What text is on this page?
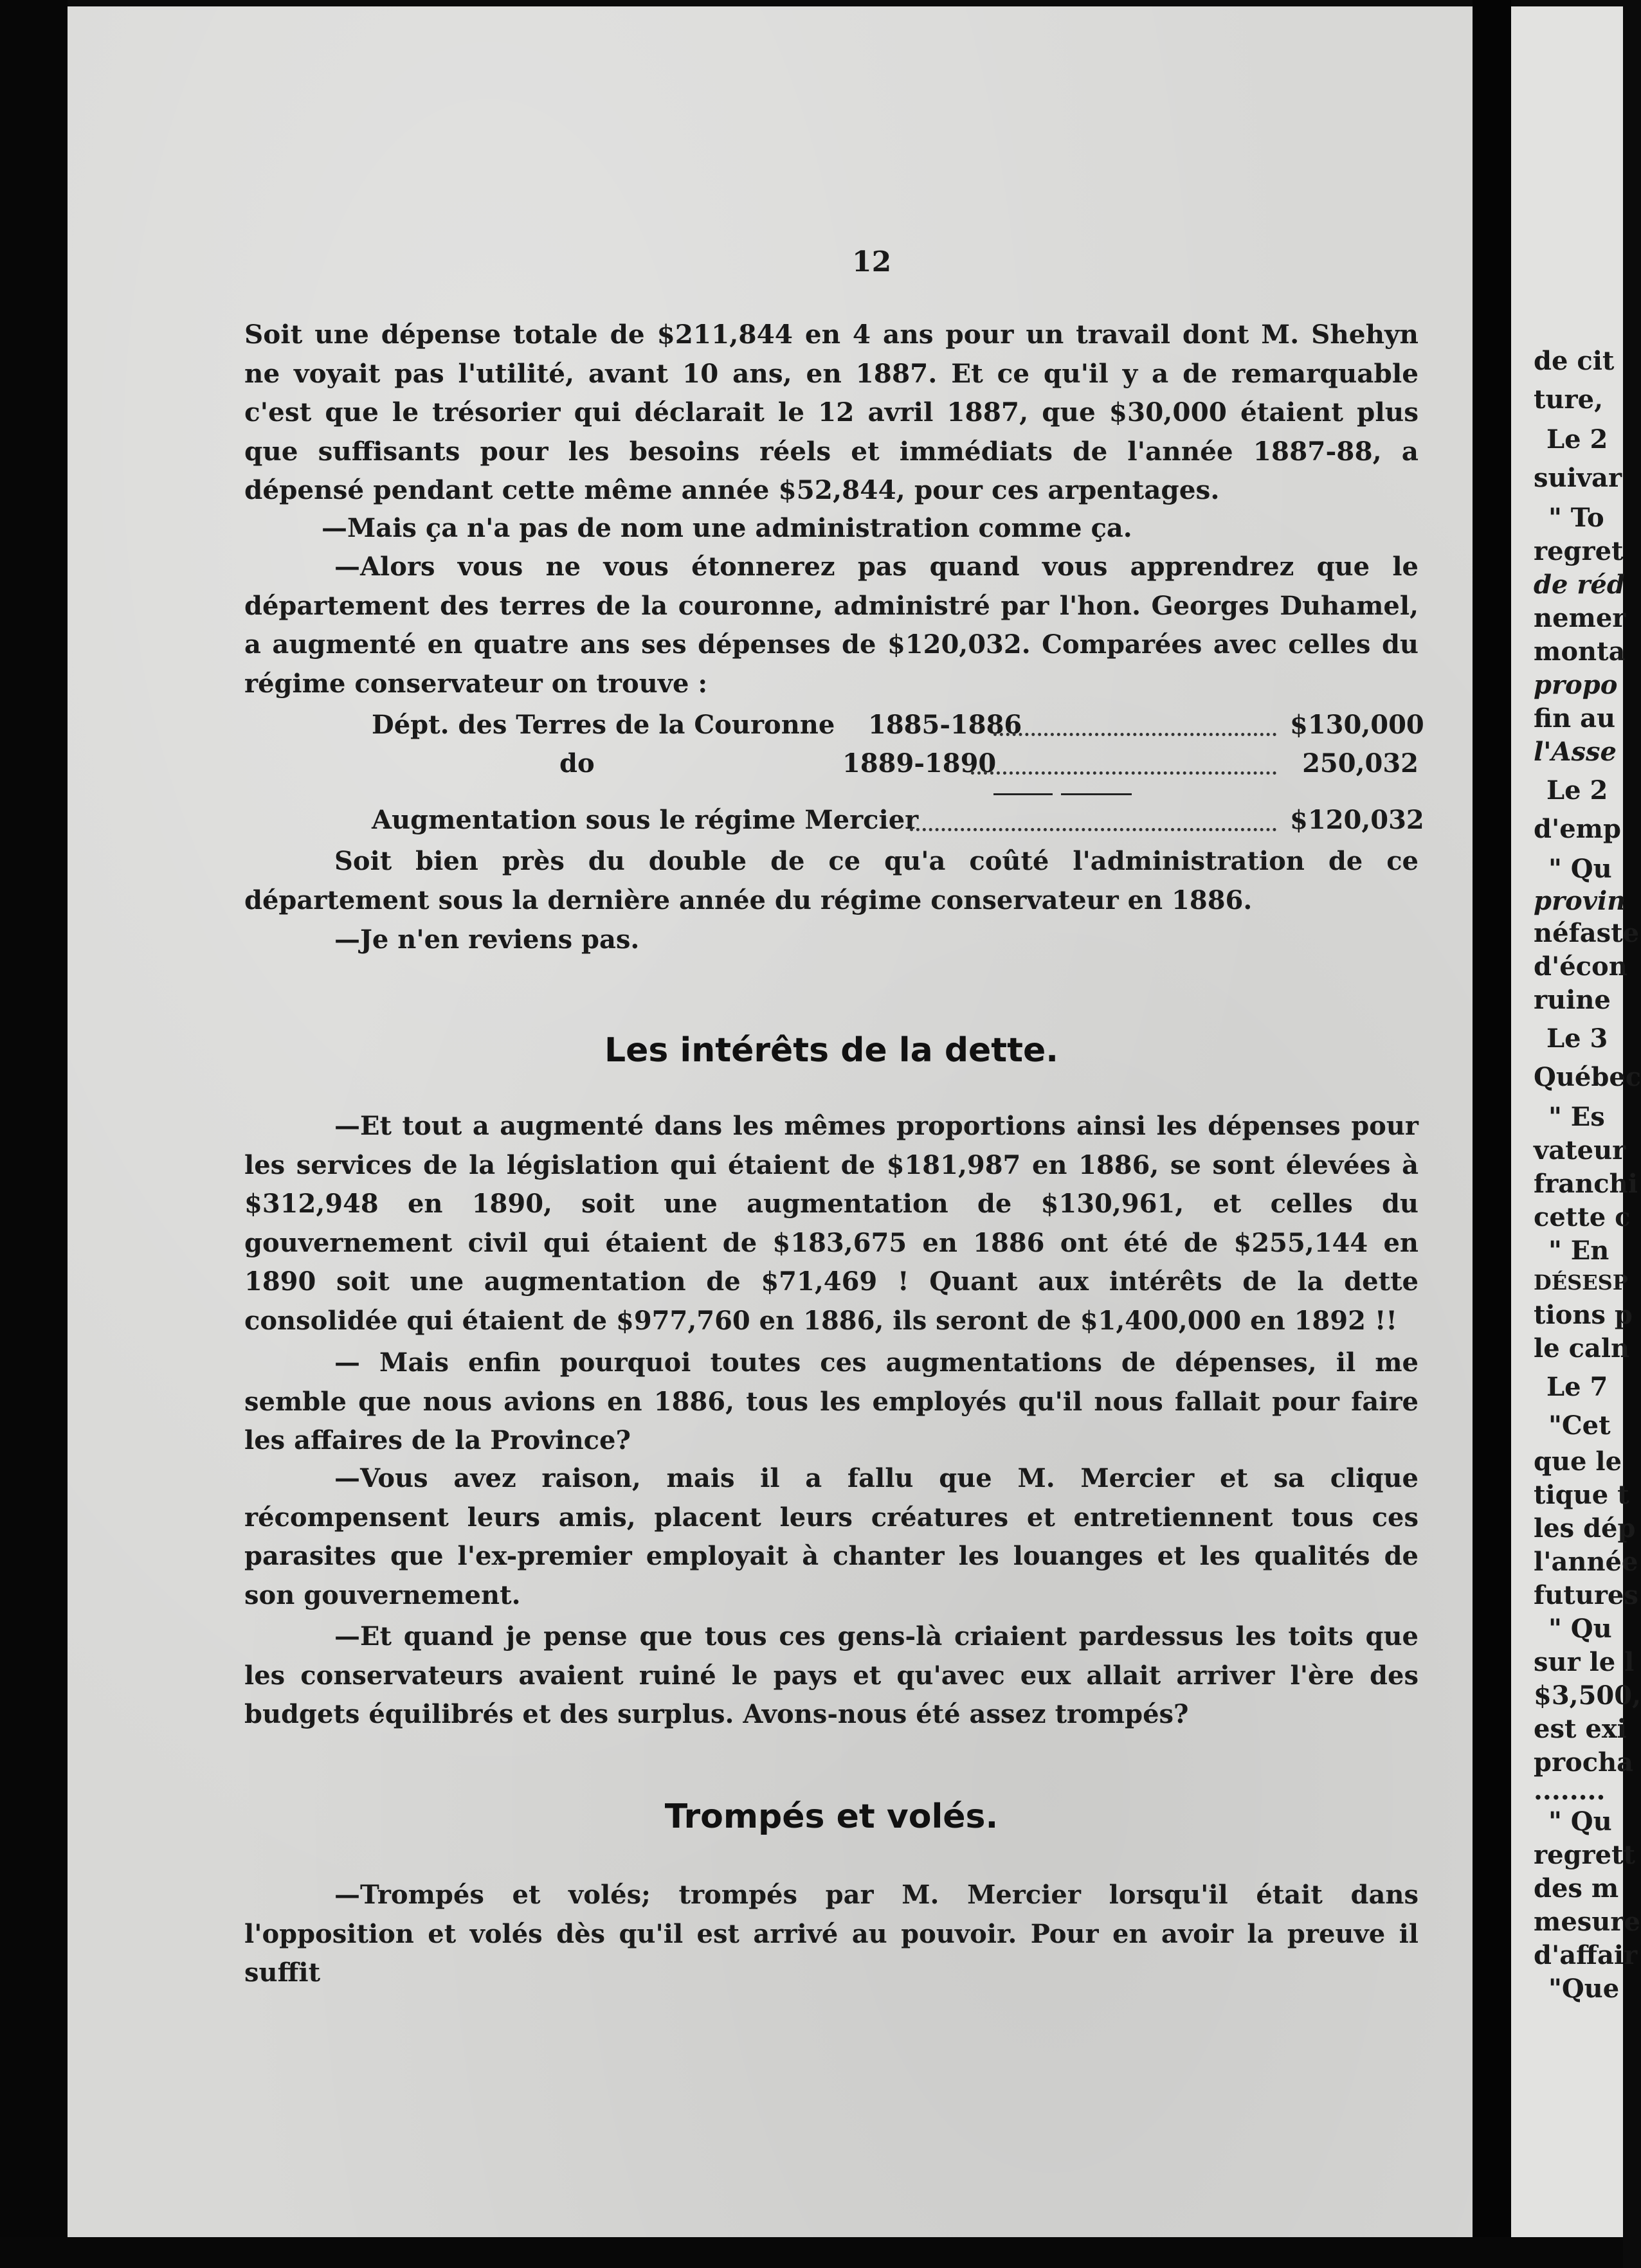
12

Soit une dépense totale de $211,844 en 4 ans pour un travail dont M. Shehyn ne voyait pas l'utilité, avant 10 ans, en 1887. Et ce qu'il y a de remarquable c'est que le trésorier qui déclarait le 12 avril 1887, que $30,000 étaient plus que suffisants pour les besoins réels et immédiats de l'année 1887-88, a dépensé pendant cette même année $52,844, pour ces arpentages.

—Mais ça n'a pas de nom une administration comme ça.

—Alors vous ne vous étonnerez pas quand vous apprendrez que le département des terres de la couronne, administré par l'hon. Georges Duhamel, a augmenté en quatre ans ses dépenses de $120,032. Comparées avec celles du régime conservateur on trouve :

Dépt. des Terres de la Couronne 1885-1886	$130,000
do	1889-1890	250,032
Augmentation sous le régime Mercier	$120,032

Soit bien près du double de ce qu'a coûté l'administration de ce département sous la dernière année du régime conservateur en 1886.

—Je n'en reviens pas.

Les intérêts de la dette.

—Et tout a augmenté dans les mêmes proportions ainsi les dépenses pour les services de la législation qui étaient de $181,987 en 1886, se sont élevées à $312,948 en 1890, soit une augmentation de $130,961, et celles du gouvernement civil qui étaient de $183,675 en 1886 ont été de $255,144 en 1890 soit une augmentation de $71,469 ! Quant aux intérêts de la dette consolidée qui étaient de $977,760 en 1886, ils seront de $1,400,000 en 1892 !!

— Mais enfin pourquoi toutes ces augmentations de dépenses, il me semble que nous avions en 1886, tous les employés qu'il nous fallait pour faire les affaires de la Province?

—Vous avez raison, mais il a fallu que M. Mercier et sa clique récompensent leurs amis, placent leurs créatures et entretiennent tous ces parasites que l'ex-premier employait à chanter les louanges et les qualités de son gouvernement.

—Et quand je pense que tous ces gens-là criaient pardessus les toits que les conservateurs avaient ruiné le pays et qu'avec eux allait arriver l'ère des budgets équilibrés et des surplus. Avons-nous été assez trompés?

Trompés et volés.

—Trompés et volés; trompés par M. Mercier lorsqu'il était dans l'opposition et volés dès qu'il est arrivé au pouvoir. Pour en avoir la preuve il suffit

de cit
ture,
Le 2
suivar
" To
regret
de réd
nemer
monta
propo
fin au
l'Asse
Le 2
d'emp
" Qu
provin
néfaste
d'écon
ruine
Le 3
Québec
" Es
vateur
franchi
cette c
" En
DÉSESP
tions p
le caln
Le 7
"Cet
que le
tique t
les dép
l'année
futures
" Qu
sur le l
$3,500,
est exi
procha
........
" Qu
regrett
des m
mesure
d'affair
"Que
